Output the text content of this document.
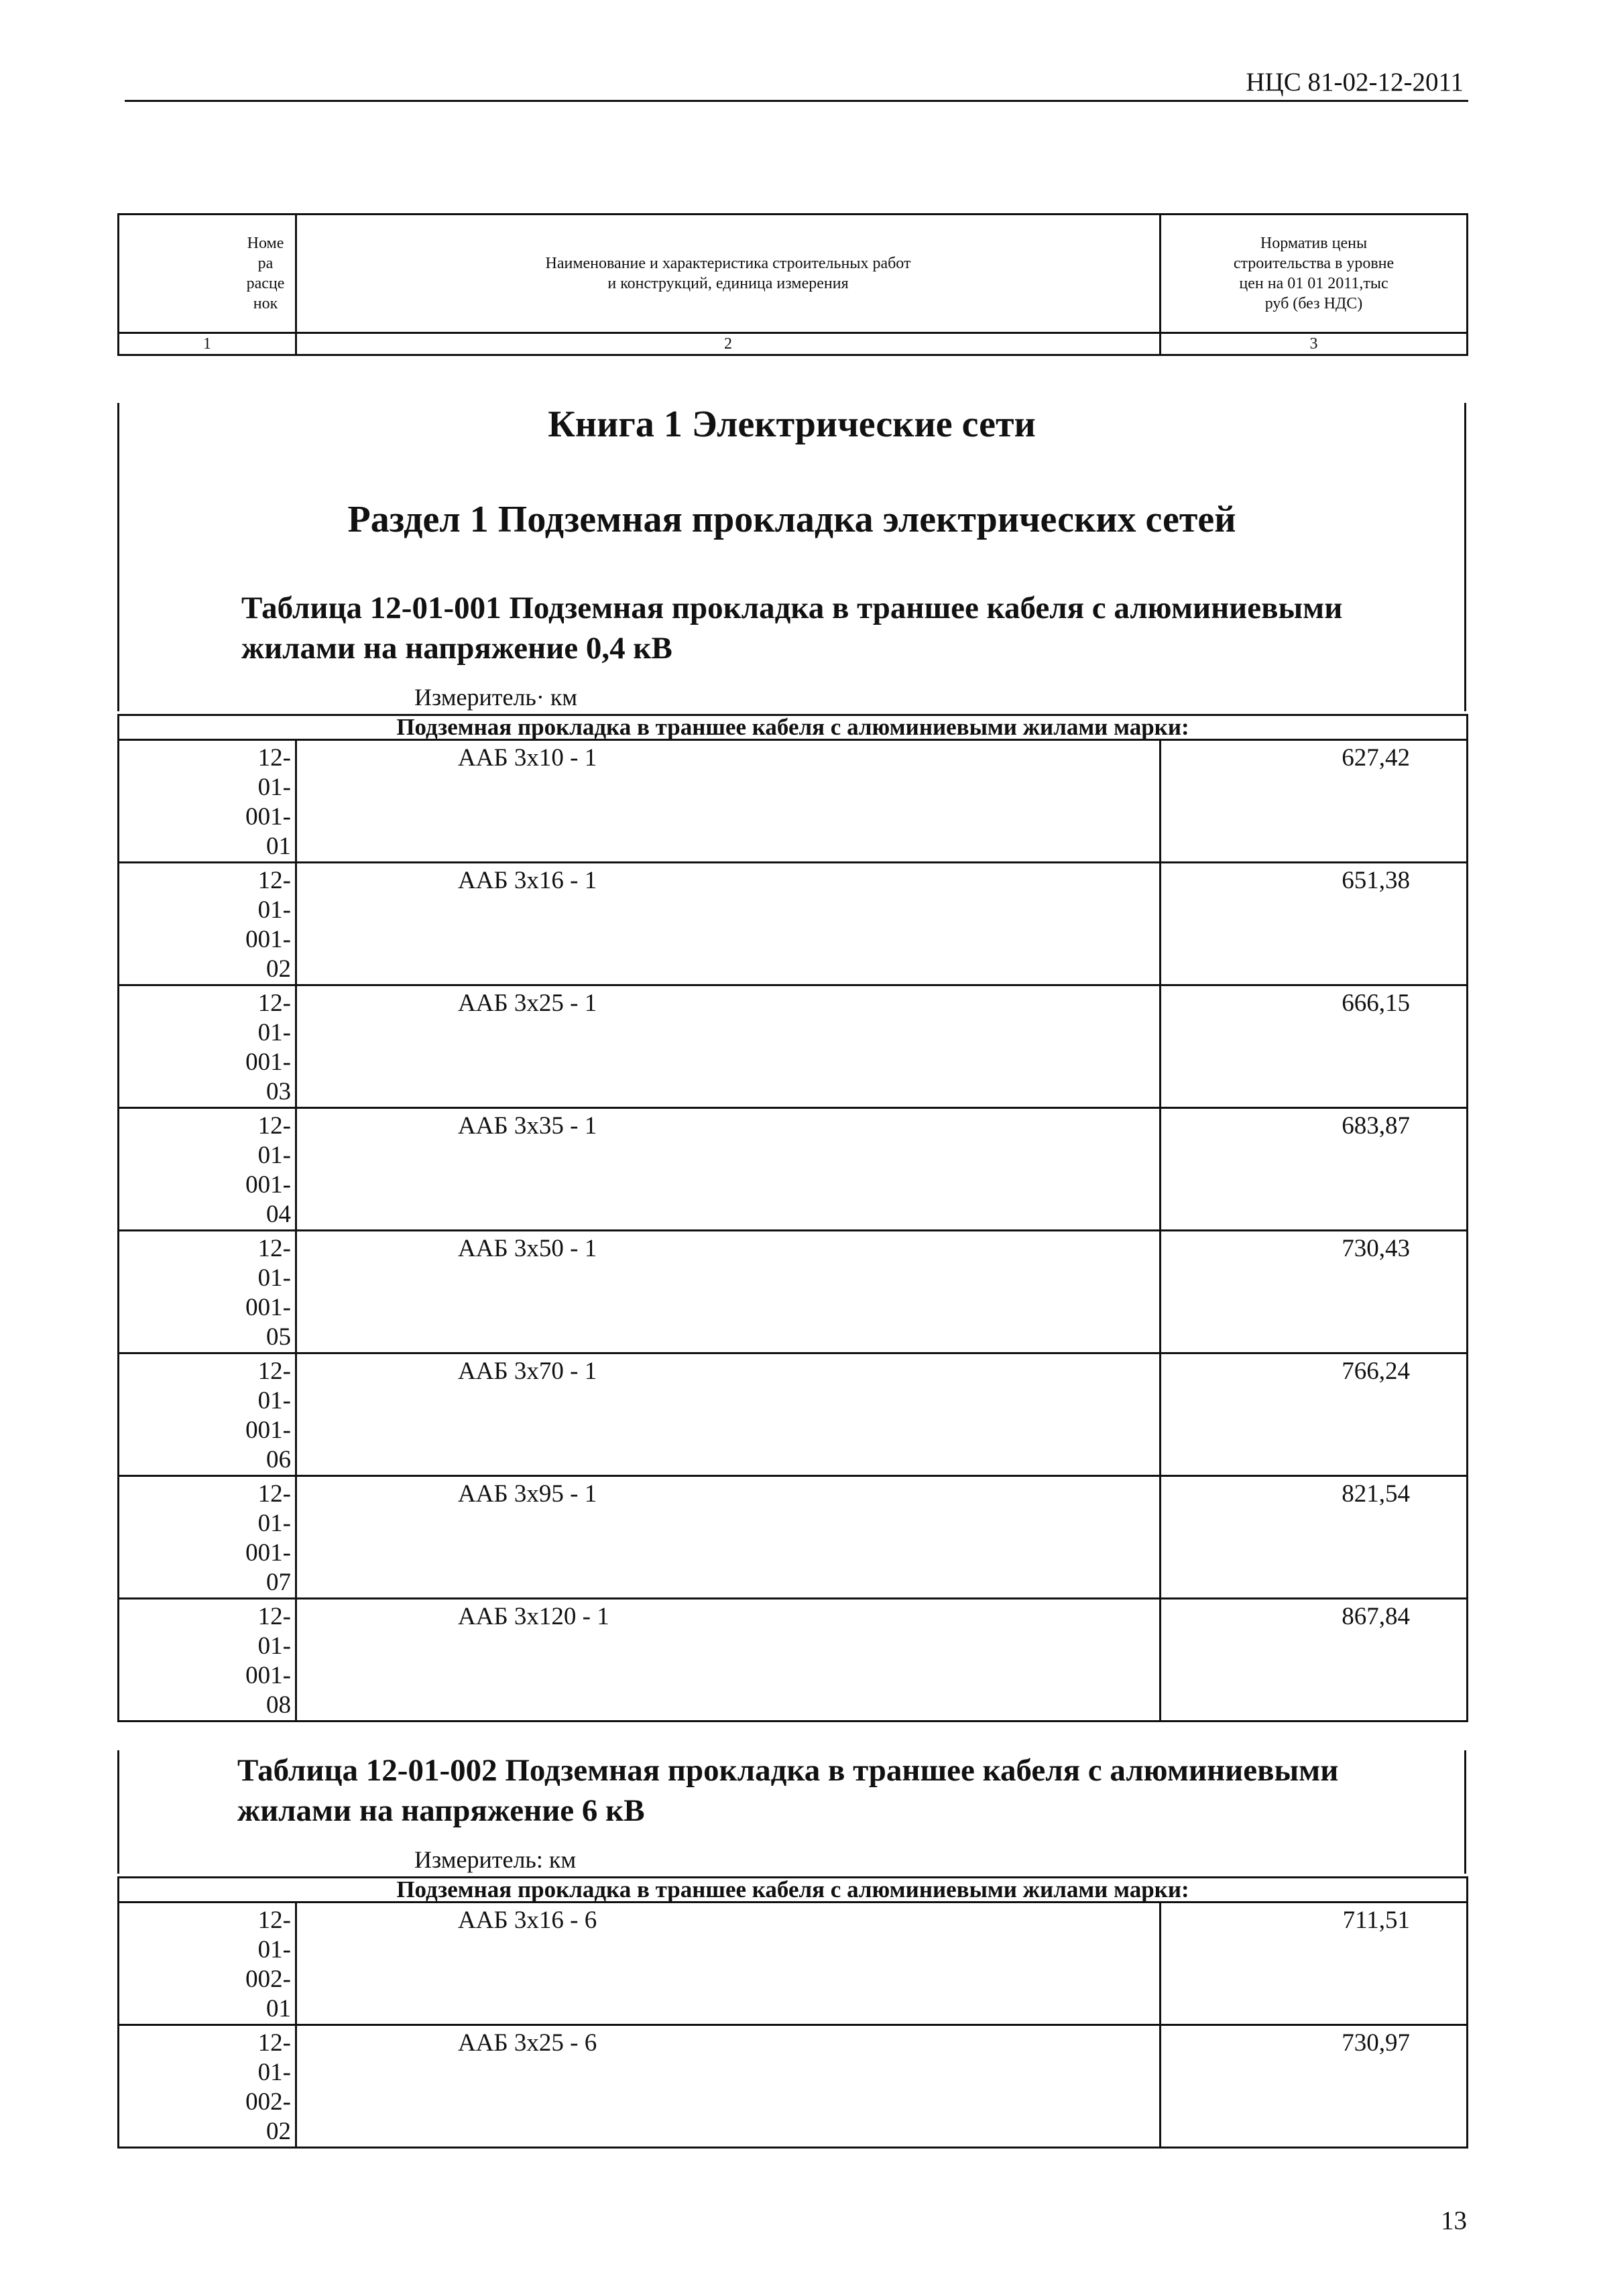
НЦС 81-02-12-2011
Номе
ра
расце
нок	Наименование и характеристика строительных работ и конструкций, единица измерения	Норматив цены строительства в уровне цен на 01 01 2011,тыс руб (без НДС)
1	2	3
Книга 1 Электрические сети
Раздел 1 Подземная прокладка электрических сетей
Таблица 12-01-001 Подземная прокладка в траншее кабеля с алюминиевыми жилами на напряжение 0,4 кВ
Измеритель· км
Подземная прокладка в траншее кабеля с алюминиевыми жилами марки:		
12-
01-
001-
01	ААБ 3х10 - 1	627,42
12-
01-
001-
02	ААБ 3х16 - 1	651,38
12-
01-
001-
03	ААБ 3х25 - 1	666,15
12-
01-
001-
04	ААБ 3х35 - 1	683,87
12-
01-
001-
05	ААБ 3х50 - 1	730,43
12-
01-
001-
06	ААБ 3х70 - 1	766,24
12-
01-
001-
07	ААБ 3х95 - 1	821,54
12-
01-
001-
08	ААБ 3х120 - 1	867,84
Таблица 12-01-002 Подземная прокладка в траншее кабеля с алюминиевыми жилами на напряжение 6 кВ
Измеритель: км
Подземная прокладка в траншее кабеля с алюминиевыми жилами марки:		
12-
01-
002-
01	ААБ 3х16 - 6	711,51
12-
01-
002-
02	ААБ 3х25 - 6	730,97
13
